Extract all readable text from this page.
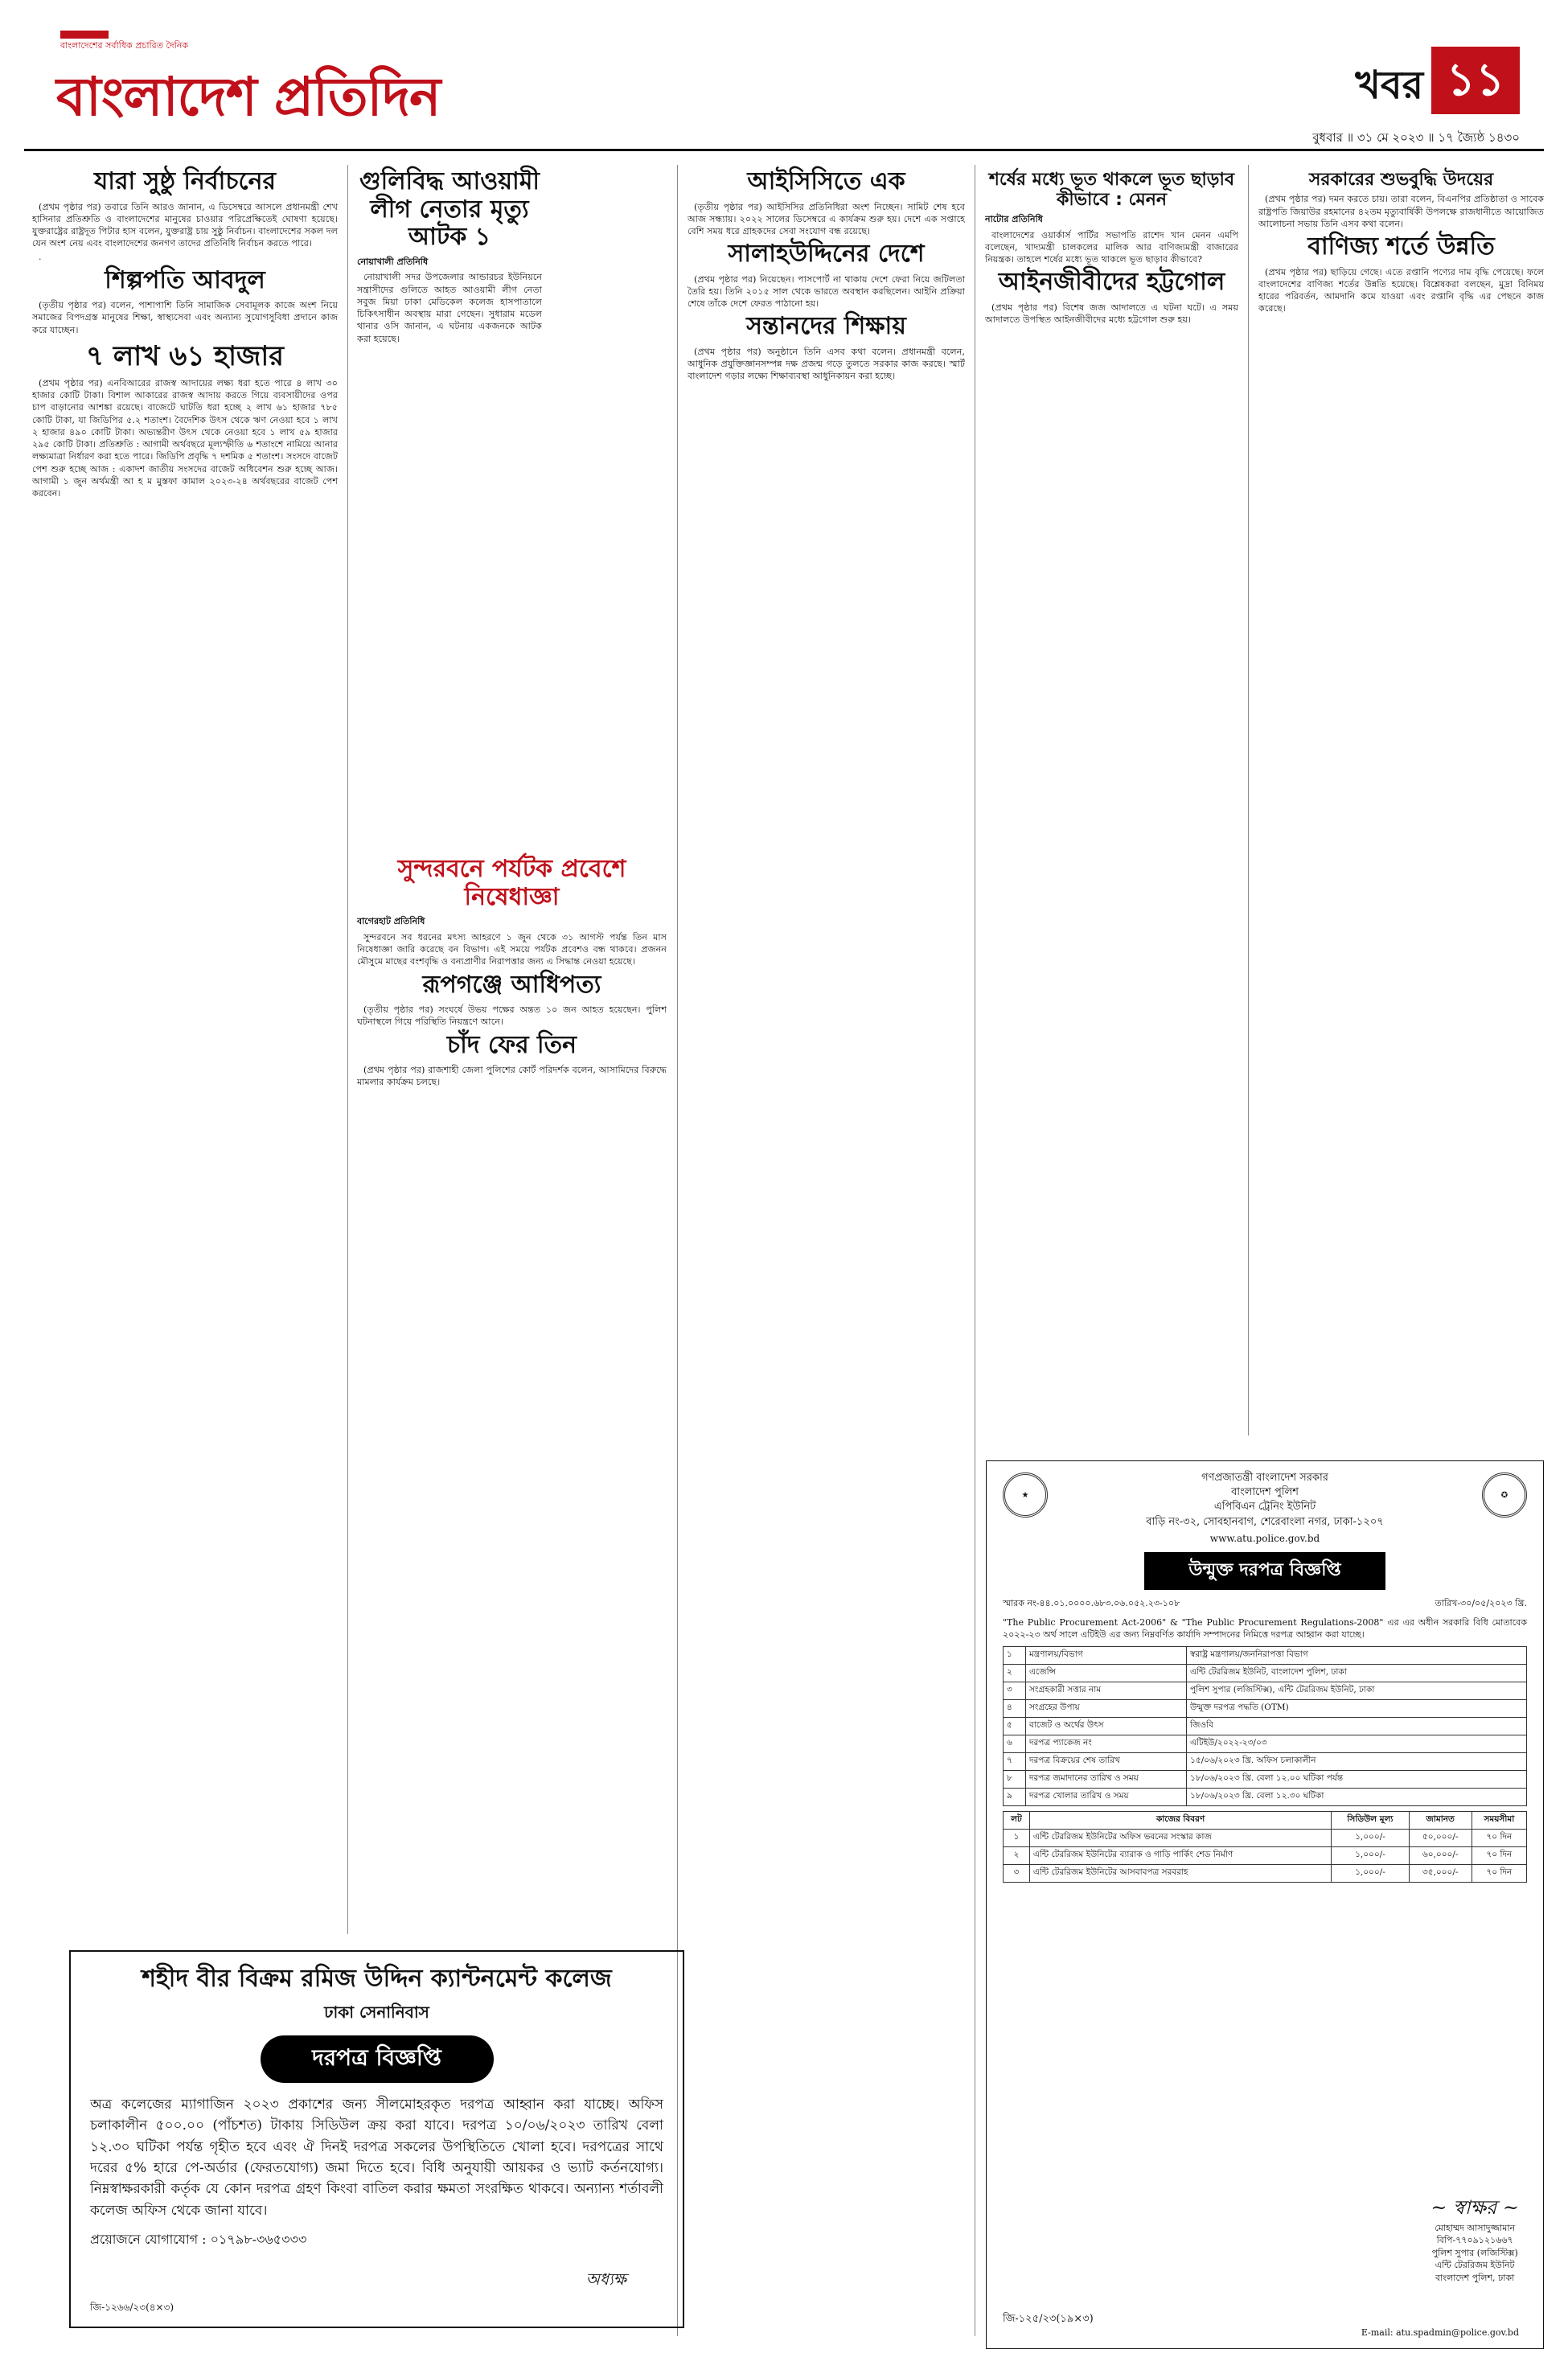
বাংলাদেশের সর্বাধিক প্রচারিত দৈনিক
বাংলাদেশ প্রতিদিন	খবর ১১
বুধবার ॥ ৩১ মে ২০২৩ ॥ ১৭ জ্যৈষ্ঠ ১৪৩০
যারা সুষ্ঠু নির্বাচনের

(প্রথম পৃষ্ঠার পর) তবারে তিনি আরও জানান, এ ডিসেম্বরে আসলে প্রধানমন্ত্রী শেখ হাসিনার প্রতিশ্রুতি ও বাংলাদেশের মানুষের চাওয়ার পরিপ্রেক্ষিতেই ঘোষণা হয়েছে। যুক্তরাষ্ট্রের রাষ্ট্রদূত পিটার হাস বলেন, যুক্তরাষ্ট্র চায় সুষ্ঠু নির্বাচন। বাংলাদেশের সকল দল যেন অংশ নেয় এবং বাংলাদেশের জনগণ তাদের প্রতিনিধি নির্বাচন করতে পারে।

.

শিল্পপতি আবদুল

(তৃতীয় পৃষ্ঠার পর) বলেন, পাশাপাশি তিনি সামাজিক সেবামূলক কাজে অংশ নিয়ে সমাজের বিপদগ্রস্ত মানুষের শিক্ষা, স্বাস্থ্যসেবা এবং অন্যান্য সুযোগসুবিধা প্রদানে কাজ করে যাচ্ছেন।

৭ লাখ ৬১ হাজার

(প্রথম পৃষ্ঠার পর) এনবিআরের রাজস্ব আদায়ের লক্ষ্য ধরা হতে পারে ৪ লাখ ৩০ হাজার কোটি টাকা। বিশাল আকারের রাজস্ব আদায় করতে গিয়ে ব্যবসায়ীদের ওপর চাপ বাড়ানোর আশঙ্কা রয়েছে। বাজেটে ঘাটতি ধরা হচ্ছে ২ লাখ ৬১ হাজার ৭৮৫ কোটি টাকা, যা জিডিপির ৫.২ শতাংশ। বৈদেশিক উৎস থেকে ঋণ নেওয়া হবে ১ লাখ ২ হাজার ৪৯০ কোটি টাকা। অভ্যন্তরীণ উৎস থেকে নেওয়া হবে ১ লাখ ৫৯ হাজার ২৯৫ কোটি টাকা। প্রতিশ্রুতি : আগামী অর্থবছরে মূল্যস্ফীতি ৬ শতাংশে নামিয়ে আনার লক্ষ্যমাত্রা নির্ধারণ করা হতে পারে। জিডিপি প্রবৃদ্ধি ৭ দশমিক ৫ শতাংশ। সংসদে বাজেট পেশ শুরু হচ্ছে আজ : একাদশ জাতীয় সংসদের বাজেট অধিবেশন শুরু হচ্ছে আজ। আগামী ১ জুন অর্থমন্ত্রী আ হ ম মুস্তফা কামাল ২০২৩-২৪ অর্থবছরের বাজেট পেশ করবেন।

গুলিবিদ্ধ আওয়ামী লীগ নেতার মৃত্যু আটক ১
নোয়াখালী প্রতিনিধি

নোয়াখালী সদর উপজেলার আন্ডারচর ইউনিয়নে সন্ত্রাসীদের গুলিতে আহত আওয়ামী লীগ নেতা সবুজ মিয়া ঢাকা মেডিকেল কলেজ হাসপাতালে চিকিৎসাধীন অবস্থায় মারা গেছেন। সুধারাম মডেল থানার ওসি জানান, এ ঘটনায় একজনকে আটক করা হয়েছে।

সুন্দরবনে পর্যটক প্রবেশে নিষেধাজ্ঞা
বাগেরহাট প্রতিনিধি

সুন্দরবনে সব ধরনের মৎস্য আহরণে ১ জুন থেকে ৩১ আগস্ট পর্যন্ত তিন মাস নিষেধাজ্ঞা জারি করেছে বন বিভাগ। এই সময়ে পর্যটক প্রবেশও বন্ধ থাকবে। প্রজনন মৌসুমে মাছের বংশবৃদ্ধি ও বন্যপ্রাণীর নিরাপত্তার জন্য এ সিদ্ধান্ত নেওয়া হয়েছে।

রূপগঞ্জে আধিপত্য

(তৃতীয় পৃষ্ঠার পর) সংঘর্ষে উভয় পক্ষের অন্তত ১০ জন আহত হয়েছেন। পুলিশ ঘটনাস্থলে গিয়ে পরিস্থিতি নিয়ন্ত্রণে আনে।

চাঁদ ফের তিন

(প্রথম পৃষ্ঠার পর) রাজশাহী জেলা পুলিশের কোর্ট পরিদর্শক বলেন, আসামিদের বিরুদ্ধে মামলার কার্যক্রম চলছে।

আইসিসিতে এক

(তৃতীয় পৃষ্ঠার পর) আইসিসির প্রতিনিধিরা অংশ নিচ্ছেন। সামিট শেষ হবে আজ সন্ধ্যায়। ২০২২ সালের ডিসেম্বরে এ কার্যক্রম শুরু হয়। দেশে এক সপ্তাহে বেশি সময় ধরে গ্রাহকদের সেবা সংযোগ বন্ধ রয়েছে।

সালাহউদ্দিনের দেশে

(প্রথম পৃষ্ঠার পর) নিয়েছেন। পাসপোর্ট না থাকায় দেশে ফেরা নিয়ে জটিলতা তৈরি হয়। তিনি ২০১৫ সাল থেকে ভারতে অবস্থান করছিলেন। আইনি প্রক্রিয়া শেষে তাঁকে দেশে ফেরত পাঠানো হয়।

সন্তানদের শিক্ষায়

(প্রথম পৃষ্ঠার পর) অনুষ্ঠানে তিনি এসব কথা বলেন। প্রধানমন্ত্রী বলেন, আধুনিক প্রযুক্তিজ্ঞানসম্পন্ন দক্ষ প্রজন্ম গড়ে তুলতে সরকার কাজ করছে। স্মার্ট বাংলাদেশ গড়ার লক্ষ্যে শিক্ষাব্যবস্থা আধুনিকায়ন করা হচ্ছে।

শর্ষের মধ্যে ভূত থাকলে ভূত ছাড়াব কীভাবে : মেনন
নাটোর প্রতিনিধি

বাংলাদেশের ওয়ার্কার্স পার্টির সভাপতি রাশেদ খান মেনন এমপি বলেছেন, খাদ্যমন্ত্রী চালকলের মালিক আর বাণিজ্যমন্ত্রী বাজারের নিয়ন্ত্রক। তাহলে শর্ষের মধ্যে ভূত থাকলে ভূত ছাড়াব কীভাবে?

আইনজীবীদের হট্টগোল

(প্রথম পৃষ্ঠার পর) বিশেষ জজ আদালতে এ ঘটনা ঘটে। এ সময় আদালতে উপস্থিত আইনজীবীদের মধ্যে হট্টগোল শুরু হয়।

সরকারের শুভবুদ্ধি উদয়ের

(প্রথম পৃষ্ঠার পর) দমন করতে চায়। তারা বলেন, বিএনপির প্রতিষ্ঠাতা ও সাবেক রাষ্ট্রপতি জিয়াউর রহমানের ৪২তম মৃত্যুবার্ষিকী উপলক্ষে রাজধানীতে আয়োজিত আলোচনা সভায় তিনি এসব কথা বলেন।

বাণিজ্য শর্তে উন্নতি

(প্রথম পৃষ্ঠার পর) ছাড়িয়ে গেছে। এতে রপ্তানি পণ্যের দাম বৃদ্ধি পেয়েছে। ফলে বাংলাদেশের বাণিজ্য শর্তের উন্নতি হয়েছে। বিশ্লেষকরা বলছেন, মুদ্রা বিনিময় হারের পরিবর্তন, আমদানি কমে যাওয়া এবং রপ্তানি বৃদ্ধি এর পেছনে কাজ করেছে।

শহীদ বীর বিক্রম রমিজ উদ্দিন ক্যান্টনমেন্ট কলেজ
ঢাকা সেনানিবাস
দরপত্র বিজ্ঞপ্তি
অত্র কলেজের ম্যাগাজিন ২০২৩ প্রকাশের জন্য সীলমোহরকৃত দরপত্র আহ্বান করা যাচ্ছে। অফিস চলাকালীন ৫০০.০০ (পাঁচশত) টাকায় সিডিউল ক্রয় করা যাবে। দরপত্র ১০/০৬/২০২৩ তারিখ বেলা ১২.৩০ ঘটিকা পর্যন্ত গৃহীত হবে এবং ঐ দিনই দরপত্র সকলের উপস্থিতিতে খোলা হবে। দরপত্রের সাথে দরের ৫% হারে পে-অর্ডার (ফেরতযোগ্য) জমা দিতে হবে। বিধি অনুযায়ী আয়কর ও ভ্যাট কর্তনযোগ্য। নিম্নস্বাক্ষরকারী কর্তৃক যে কোন দরপত্র গ্রহণ কিংবা বাতিল করার ক্ষমতা সংরক্ষিত থাকবে। অন্যান্য শর্তাবলী কলেজ অফিস থেকে জানা যাবে।
প্রয়োজনে যোগাযোগ : ০১৭৯৮-৩৬৫৩৩৩
অধ্যক্ষ
জি-১২৬৬/২৩(৪×৩)
★	✪
গণপ্রজাতন্ত্রী বাংলাদেশ সরকার
বাংলাদেশ পুলিশ
এপিবিএন ট্রেনিং ইউনিট
বাড়ি নং-৩২, সোবহানবাগ, শেরেবাংলা নগর, ঢাকা-১২০৭
www.atu.police.gov.bd
উন্মুক্ত দরপত্র বিজ্ঞপ্তি
স্মারক নং-৪৪.০১.০০০০.৬৮৩.০৬.০৫২.২৩-১০৮	তারিখ-৩০/০৫/২০২৩ খ্রি.
"The Public Procurement Act-2006" & "The Public Procurement Regulations-2008" এর এর অধীন সরকারি বিধি মোতাবেক ২০২২-২৩ অর্থ সালে এটিইউ এর জন্য নিম্নবর্ণিত কার্যাদি সম্পাদনের নিমিত্তে দরপত্র আহ্বান করা যাচ্ছে।
১	মন্ত্রণালয়/বিভাগ	স্বরাষ্ট্র মন্ত্রণালয়/জননিরাপত্তা বিভাগ
২	এজেন্সি	এন্টি টেররিজম ইউনিট, বাংলাদেশ পুলিশ, ঢাকা
৩	সংগ্রহকারী সত্তার নাম	পুলিশ সুপার (লজিস্টিক্স), এন্টি টেররিজম ইউনিট, ঢাকা
৪	সংগ্রহের উপায়	উন্মুক্ত দরপত্র পদ্ধতি (OTM)
৫	বাজেট ও অর্থের উৎস	জিওবি
৬	দরপত্র প্যাকেজ নং	এটিইউ/২০২২-২৩/০৩
৭	দরপত্র বিক্রয়ের শেষ তারিখ	১৫/০৬/২০২৩ খ্রি. অফিস চলাকালীন
৮	দরপত্র জমাদানের তারিখ ও সময়	১৮/০৬/২০২৩ খ্রি. বেলা ১২.০০ ঘটিকা পর্যন্ত
৯	দরপত্র খোলার তারিখ ও সময়	১৮/০৬/২০২৩ খ্রি. বেলা ১২.৩০ ঘটিকা
লট	কাজের বিবরণ	সিডিউল মূল্য	জামানত	সময়সীমা
১	এন্টি টেররিজম ইউনিটের অফিস ভবনের সংস্কার কাজ	১,০০০/-	৫০,০০০/-	৭০ দিন
২	এন্টি টেররিজম ইউনিটের ব্যারাক ও গাড়ি পার্কিং শেড নির্মাণ	১,০০০/-	৬০,০০০/-	৭০ দিন
৩	এন্টি টেররিজম ইউনিটের আসবাবপত্র সরবরাহ	১,০০০/-	৩৫,০০০/-	৭০ দিন
~ স্বাক্ষর ~
মোহাম্মদ আসাদুজ্জামান
বিপি-৭৭০৯১২১৬৬৭
পুলিশ সুপার (লজিস্টিক্স)
এন্টি টেররিজম ইউনিট
বাংলাদেশ পুলিশ, ঢাকা
জি-১২৫/২৩(১৯×৩)
E-mail: atu.spadmin@police.gov.bd
